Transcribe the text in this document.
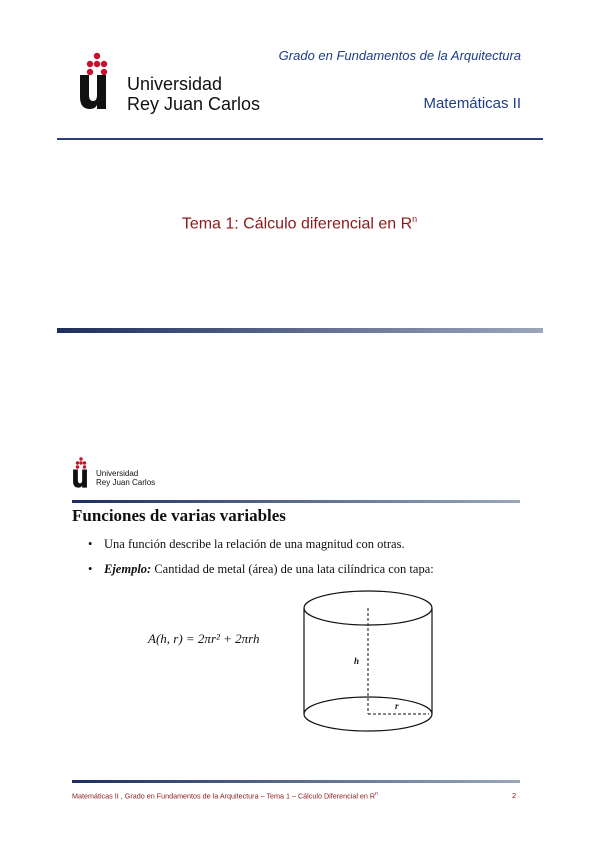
Universidad
Rey Juan Carlos
Grado en Fundamentos de la Arquitectura
Matemáticas II
Tema 1: Cálculo diferencial en $R^n$
Universidad
Rey Juan Carlos
Funciones de varias variables
• Una función describe la relación de una magnitud con otras.
• Ejemplo: Cantidad de metal (área) de una lata cilíndrica con tapa:
A(h, r) = 2πr² + 2πrh
h
r
Matemáticas II , Grado en Fundamentos de la Arquitectura – Tema 1 – Cálculo Diferencial en $R^n$	2
